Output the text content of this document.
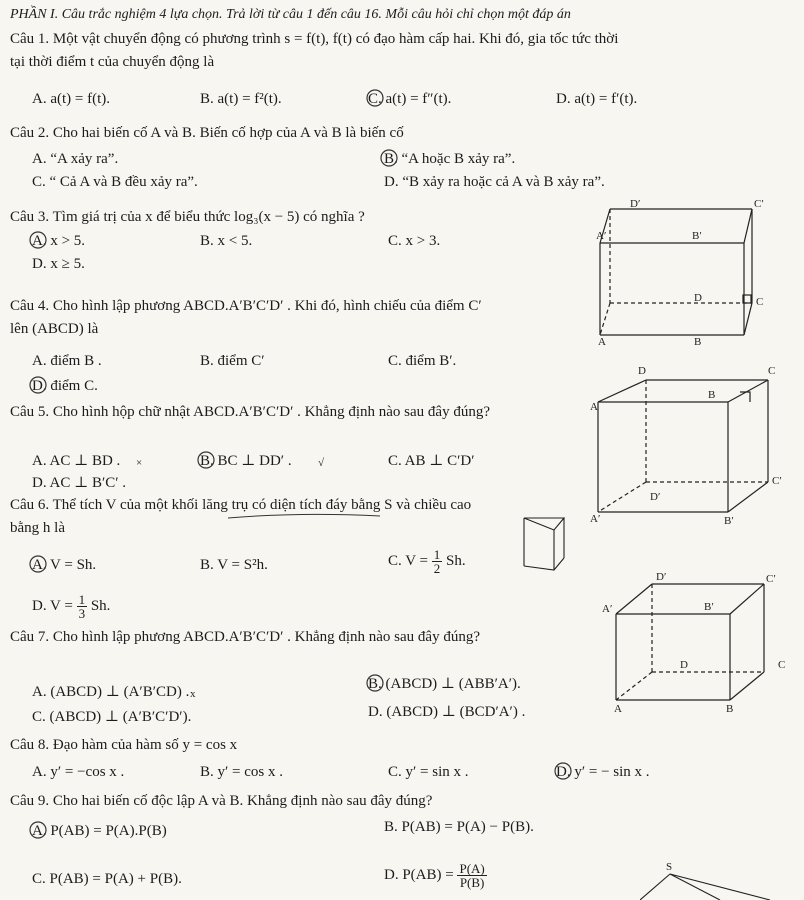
PHẦN I. Câu trắc nghiệm 4 lựa chọn. Trả lời từ câu 1 đến câu 16. Mỗi câu hỏi chỉ chọn một đáp án
Câu 1. Một vật chuyển động có phương trình s = f(t), f(t) có đạo hàm cấp hai. Khi đó, gia tốc tức thời
tại thời điểm t của chuyển động là
A. a(t) = f(t).	B. a(t) = f²(t).	C. a(t) = f″(t).	D. a(t) = f′(t).
Câu 2. Cho hai biến cố A và B. Biến cố hợp của A và B là biến cố
A. “A xảy ra”.	B. “A hoặc B xảy ra”.
C. “ Cả A và B đều xảy ra”.	D. “B xảy ra hoặc cả A và B xảy ra”.
Câu 3. Tìm giá trị của x để biểu thức log₃(x − 5) có nghĩa ?
A. x > 5.	B. x < 5.	C. x > 3.
D. x ≥ 5.
Câu 4. Cho hình lập phương ABCD.A′B′C′D′ . Khi đó, hình chiếu của điểm C′
lên (ABCD) là
A. điểm B .	B. điểm C′	C. điểm B′.
D. điểm C.
Câu 5. Cho hình hộp chữ nhật ABCD.A′B′C′D′ . Khẳng định nào sau đây đúng?
A. AC ⊥ BD .	B. BC ⊥ DD′ .	C. AB ⊥ C′D′
D. AC ⊥ B′C′ .
Câu 6. Thể tích V của một khối lăng trụ có diện tích đáy bằng S và chiều cao
bằng h là
A. V = Sh.	B. V = S²h.	C. $V = \frac{1}{2} Sh$.
D. $V = \frac{1}{3} Sh$.
Câu 7. Cho hình lập phương ABCD.A′B′C′D′ . Khẳng định nào sau đây đúng?
A. (ABCD) ⊥ (A′B′CD) .	B. (ABCD) ⊥ (ABB′A′).
C. (ABCD) ⊥ (A′B′C′D′).	D. (ABCD) ⊥ (BCD′A′) .
Câu 8. Đạo hàm của hàm số y = cos x
A. y′ = −cos x .	B. y′ = cos x .	C. y′ = sin x .	D. y′ = − sin x .
Câu 9. Cho hai biến cố độc lập A và B. Khẳng định nào sau đây đúng?
A. P(AB) = P(A).P(B)	B. P(AB) = P(A) − P(B).
C. P(AB) = P(A) + P(B).	D. $P(AB) = \frac{P(A)}{P(B)}$
×	√
x
D′	C′
A′	B′
D	C
A	B
D	C
A
B
C′
D′
A′	B′
D′	C′
A′	B′
D	C
A	B
S
